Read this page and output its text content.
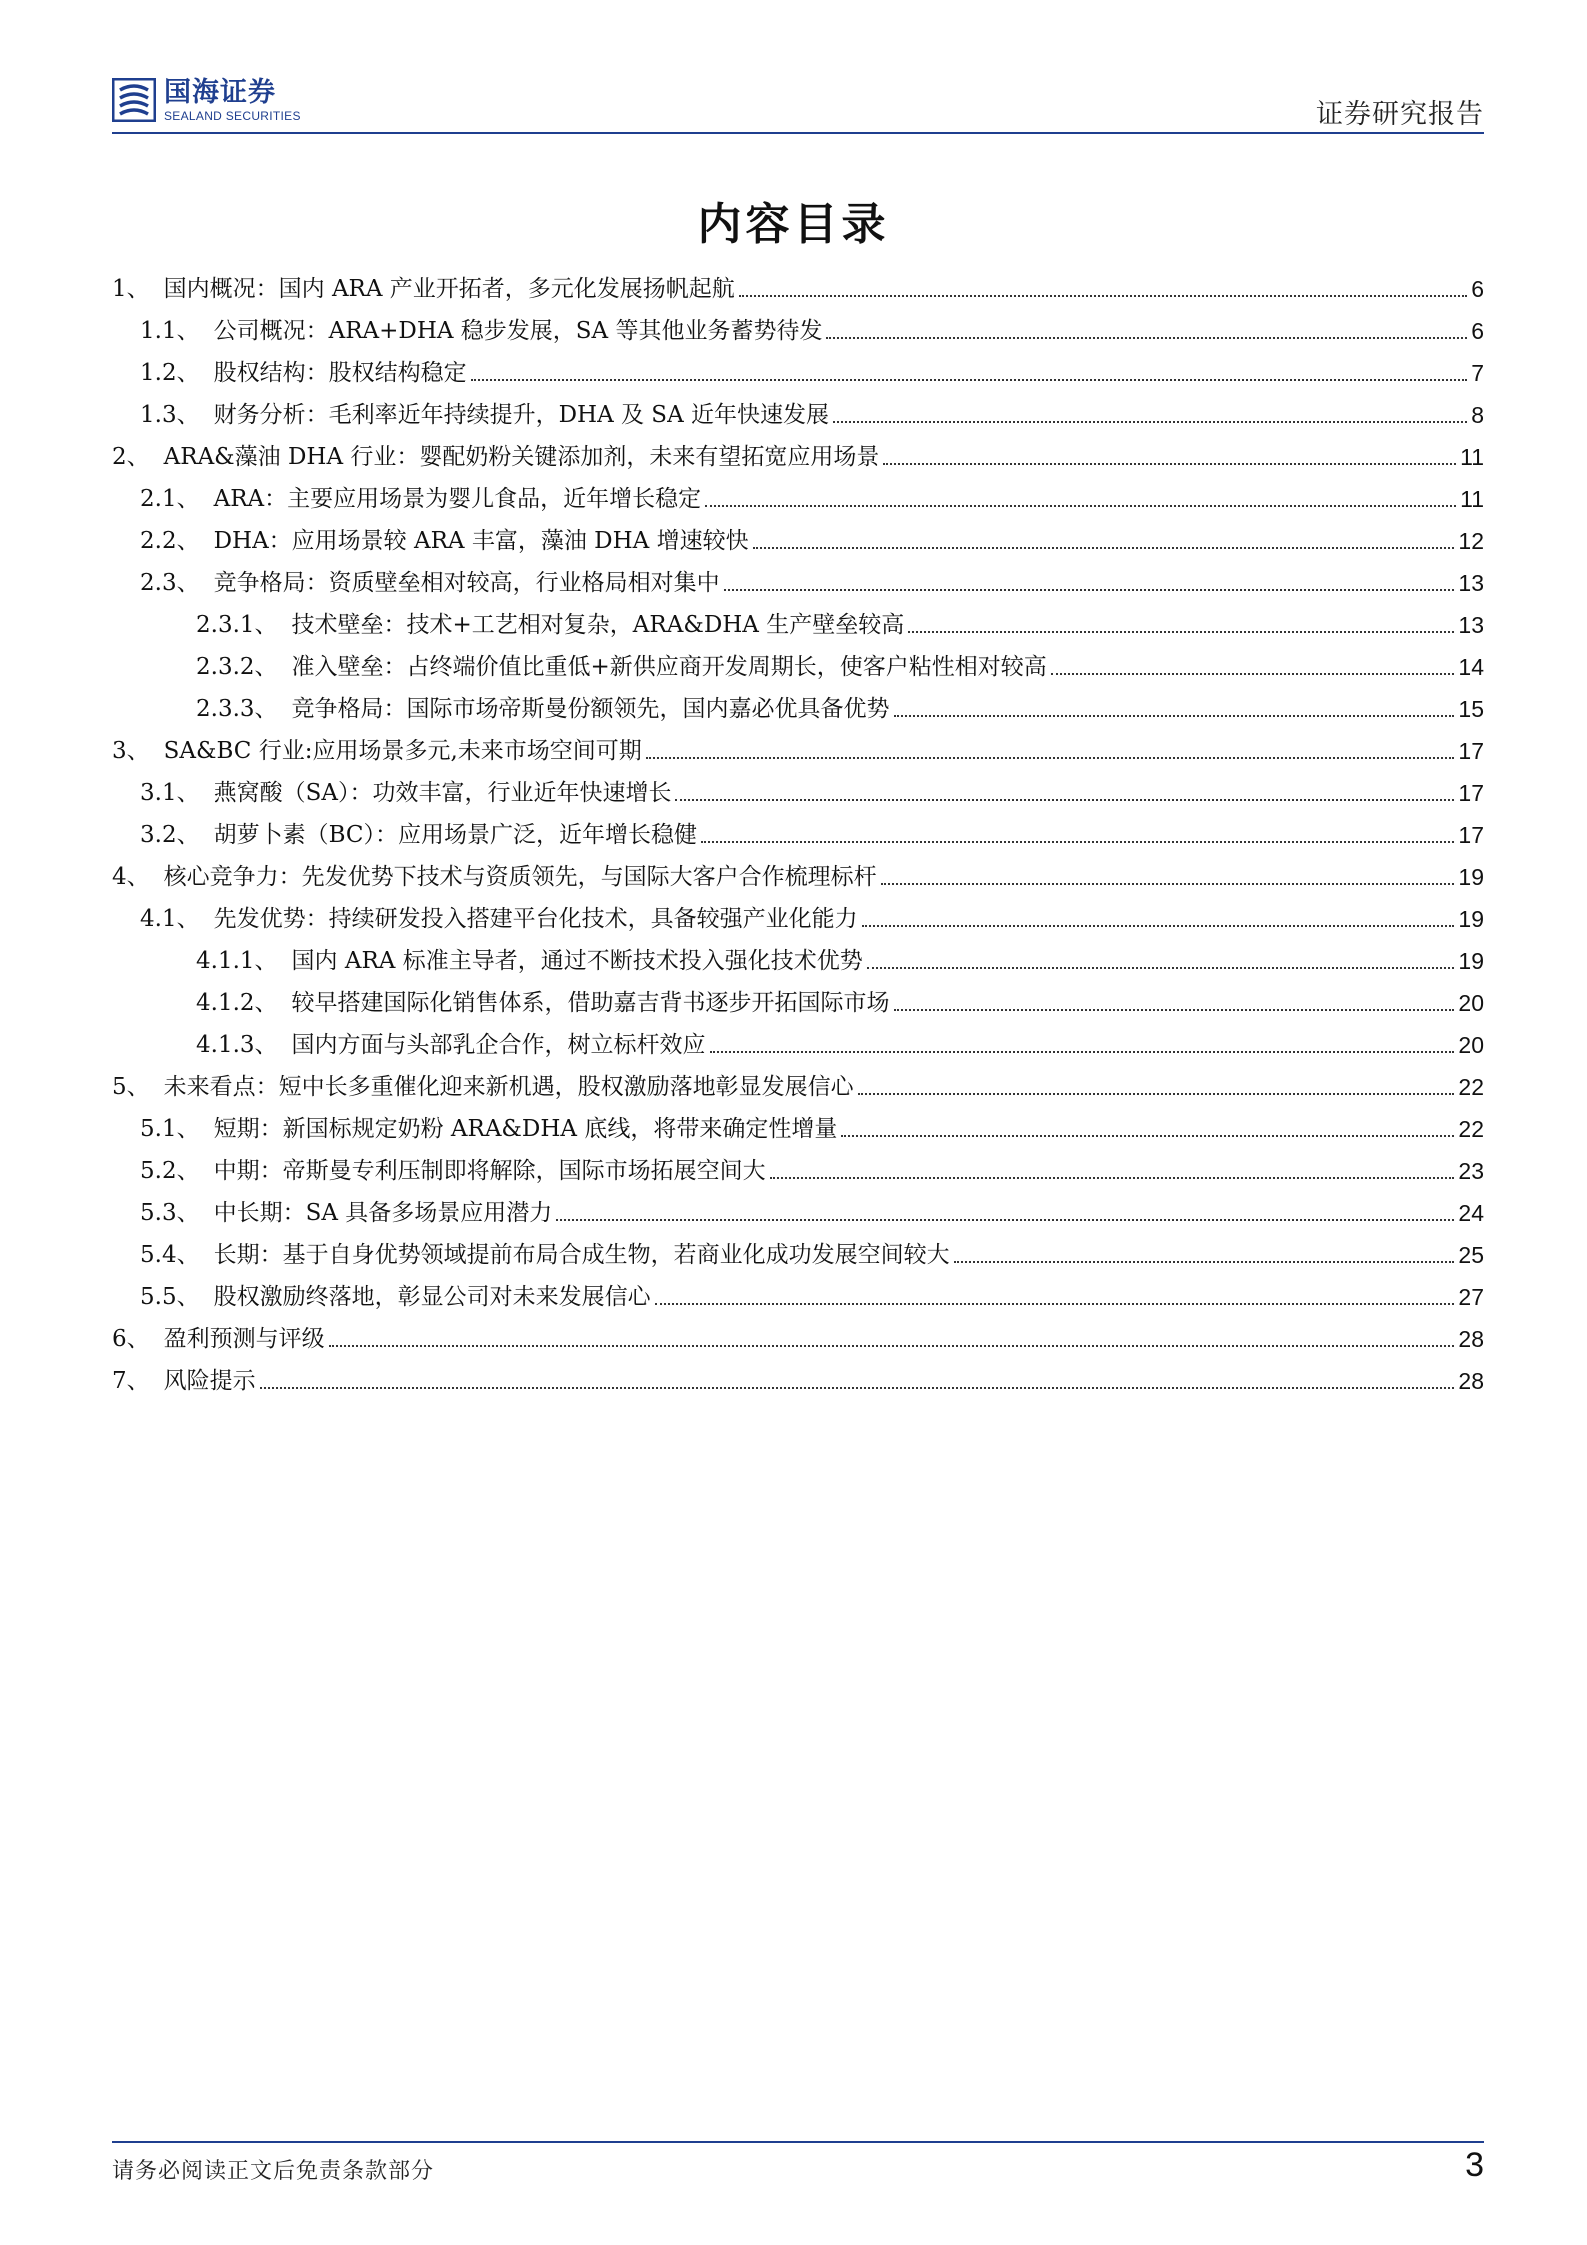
国海证券
SEALAND SECURITIES	证券研究报告
内容目录
1、 国内概况：国内 ARA 产业开拓者，多元化发展扬帆起航	6
1.1、 公司概况：ARA+DHA 稳步发展，SA 等其他业务蓄势待发	6
1.2、 股权结构：股权结构稳定	7
1.3、 财务分析：毛利率近年持续提升，DHA 及 SA 近年快速发展	8
2、 ARA&藻油 DHA 行业：婴配奶粉关键添加剂，未来有望拓宽应用场景	11
2.1、 ARA：主要应用场景为婴儿食品，近年增长稳定	11
2.2、 DHA：应用场景较 ARA 丰富，藻油 DHA 增速较快	12
2.3、 竞争格局：资质壁垒相对较高，行业格局相对集中	13
2.3.1、 技术壁垒：技术+工艺相对复杂，ARA&DHA 生产壁垒较高	13
2.3.2、 准入壁垒：占终端价值比重低+新供应商开发周期长，使客户粘性相对较高	14
2.3.3、 竞争格局：国际市场帝斯曼份额领先，国内嘉必优具备优势	15
3、 SA&BC 行业:应用场景多元,未来市场空间可期	17
3.1、 燕窝酸（SA）：功效丰富，行业近年快速增长	17
3.2、 胡萝卜素（BC）：应用场景广泛，近年增长稳健	17
4、 核心竞争力：先发优势下技术与资质领先，与国际大客户合作梳理标杆	19
4.1、 先发优势：持续研发投入搭建平台化技术，具备较强产业化能力	19
4.1.1、 国内 ARA 标准主导者，通过不断技术投入强化技术优势	19
4.1.2、 较早搭建国际化销售体系，借助嘉吉背书逐步开拓国际市场	20
4.1.3、 国内方面与头部乳企合作，树立标杆效应	20
5、 未来看点：短中长多重催化迎来新机遇，股权激励落地彰显发展信心	22
5.1、 短期：新国标规定奶粉 ARA&DHA 底线，将带来确定性增量	22
5.2、 中期：帝斯曼专利压制即将解除，国际市场拓展空间大	23
5.3、 中长期：SA 具备多场景应用潜力	24
5.4、 长期：基于自身优势领域提前布局合成生物，若商业化成功发展空间较大	25
5.5、 股权激励终落地，彰显公司对未来发展信心	27
6、 盈利预测与评级	28
7、 风险提示	28
请务必阅读正文后免责条款部分	3
